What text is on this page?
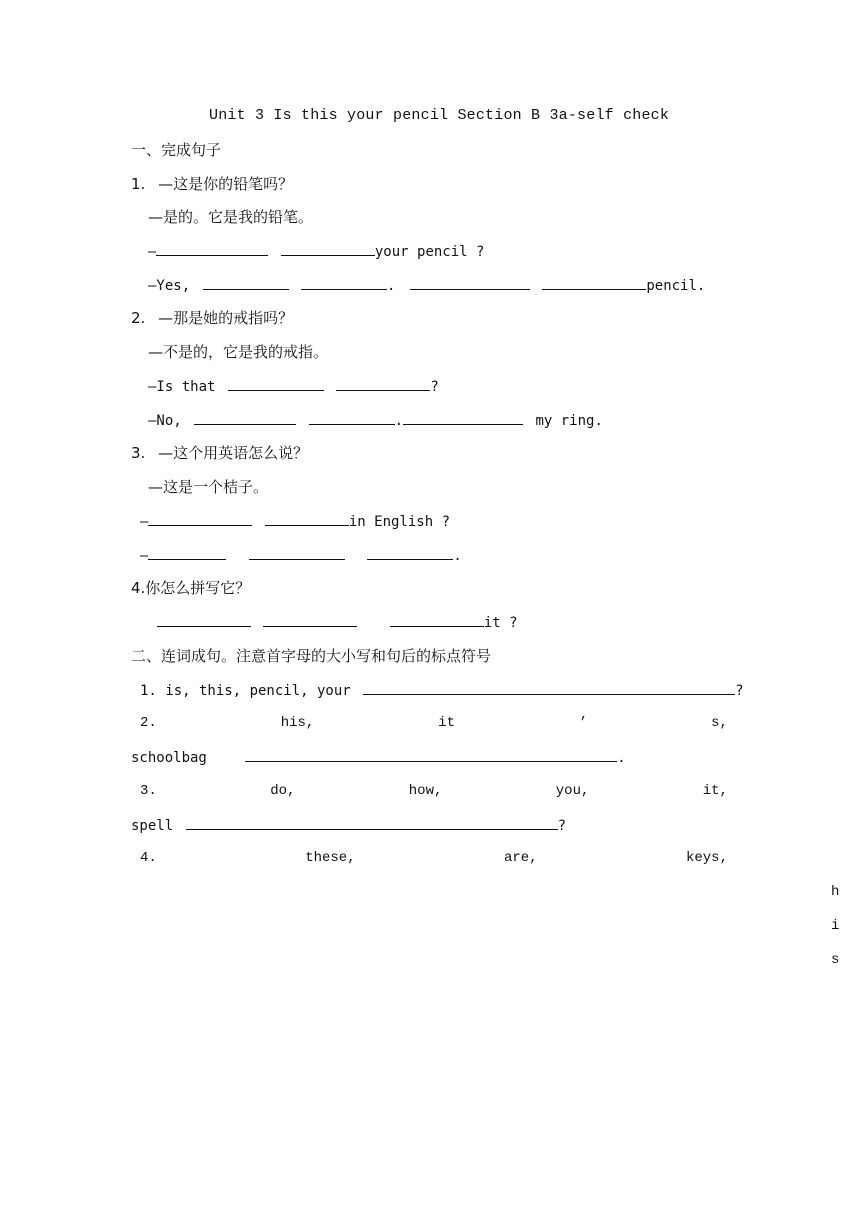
Unit 3 Is this your pencil Section B 3a-self check
一、完成句子
1. —这是你的铅笔吗？
—是的。它是我的铅笔。
—	your pencil ?
—Yes,	.	pencil.
2. —那是她的戒指吗？
—不是的，它是我的戒指。
—Is that	?
—No,	.	my ring.
3. —这个用英语怎么说？
—这是一个桔子。
—	in English ?
—	.
4.你怎么拼写它？
it ?
二、连词成句。注意首字母的大小写和句后的标点符号
1. is, this, pencil, your	?
2.	his,	it	’	s,
schoolbag	.
3.	do,	how,	you,	it,
spell	?
4.	these,	are,	keys,
h
i
s
